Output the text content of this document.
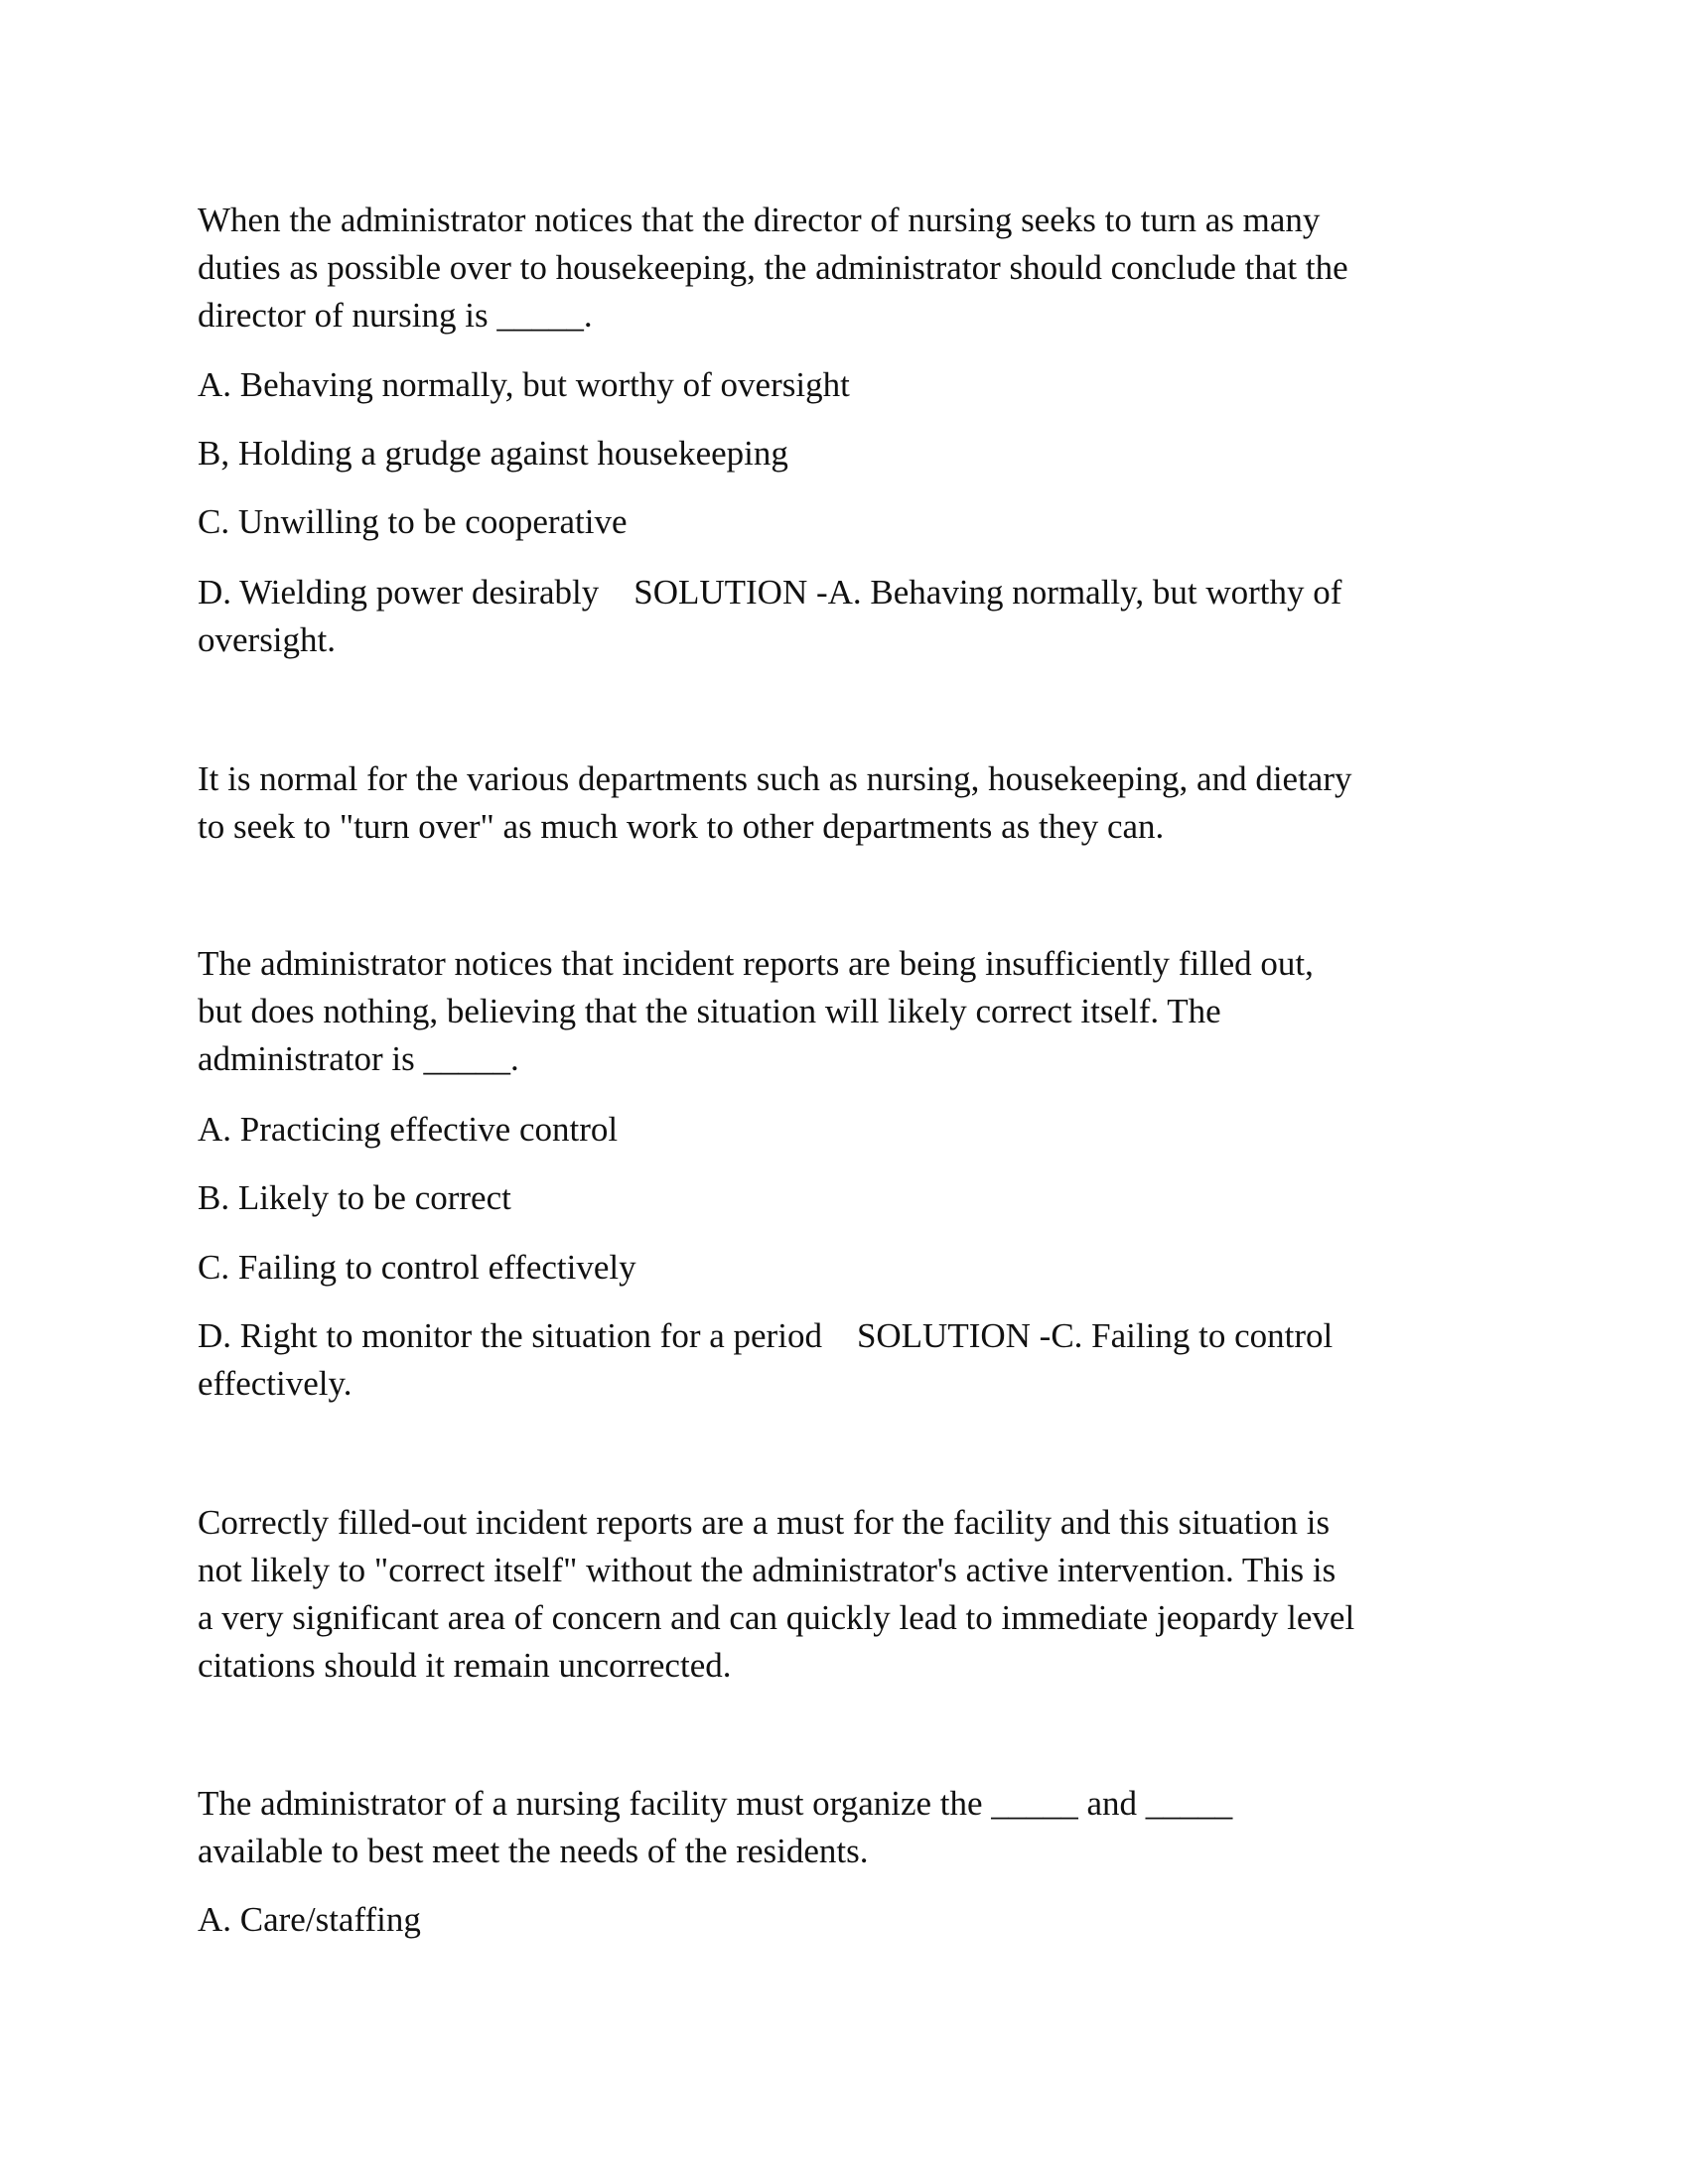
When the administrator notices that the director of nursing seeks to turn as many
duties as possible over to housekeeping, the administrator should conclude that the
director of nursing is _____.
A. Behaving normally, but worthy of oversight
B, Holding a grudge against housekeeping
C. Unwilling to be cooperative
D. Wielding power desirably    SOLUTION -A. Behaving normally, but worthy of
oversight.
It is normal for the various departments such as nursing, housekeeping, and dietary
to seek to "turn over" as much work to other departments as they can.
The administrator notices that incident reports are being insufficiently filled out,
but does nothing, believing that the situation will likely correct itself. The
administrator is _____.
A. Practicing effective control
B. Likely to be correct
C. Failing to control effectively
D. Right to monitor the situation for a period    SOLUTION -C. Failing to control
effectively.
Correctly filled-out incident reports are a must for the facility and this situation is
not likely to "correct itself" without the administrator's active intervention. This is
a very significant area of concern and can quickly lead to immediate jeopardy level
citations should it remain uncorrected.
The administrator of a nursing facility must organize the _____ and _____
available to best meet the needs of the residents.
A. Care/staffing
